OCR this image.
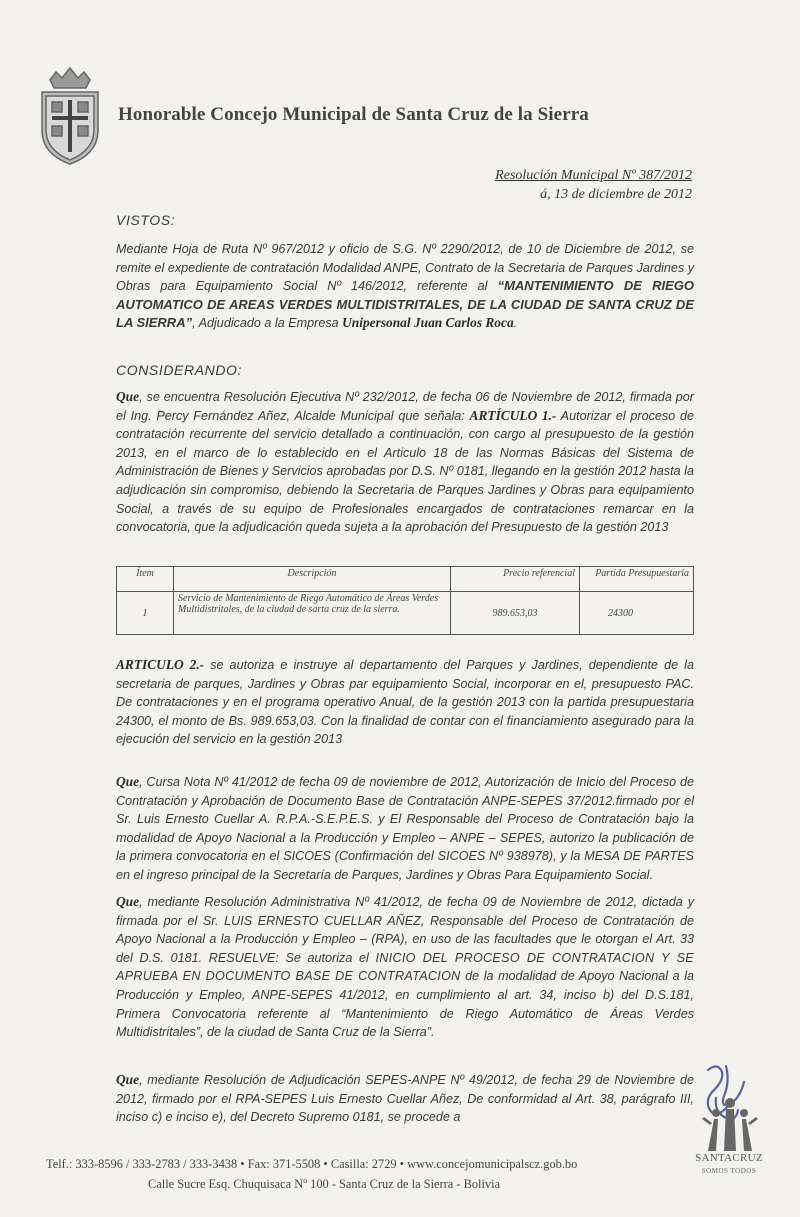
Honorable Concejo Municipal de Santa Cruz de la Sierra
Resolución Municipal Nº 387/2012
á, 13 de diciembre de 2012
VISTOS:
Mediante Hoja de Ruta Nº 967/2012 y oficio de S.G. Nº 2290/2012, de 10 de Diciembre de 2012, se remite el expediente de contratación Modalidad ANPE, Contrato de la Secretaria de Parques Jardines y Obras para Equipamiento Social Nº 146/2012, referente al “MANTENIMIENTO DE RIEGO AUTOMATICO DE AREAS VERDES MULTIDISTRITALES, DE LA CIUDAD DE SANTA CRUZ DE LA SIERRA”, Adjudicado a la Empresa Unipersonal Juan Carlos Roca.
CONSIDERANDO:
Que, se encuentra Resolución Ejecutiva Nº 232/2012, de fecha 06 de Noviembre de 2012, firmada por el Ing. Percy Fernández Añez, Alcalde Municipal que señala: ARTÍCULO 1.- Autorizar el proceso de contratación recurrente del servicio detallado a continuación, con cargo al presupuesto de la gestión 2013, en el marco de lo establecido en el Articulo 18 de las Normas Básicas del Sistema de Administración de Bienes y Servicios aprobadas por D.S. Nº 0181, llegando en la gestión 2012 hasta la adjudicación sin compromiso, debiendo la Secretaria de Parques Jardines y Obras para equipamiento Social, a través de su equipo de Profesionales encargados de contrataciones remarcar en la convocatoria, que la adjudicación queda sujeta a la aprobación del Presupuesto de la gestión 2013
Ítem	Descripción	Precio referencial	Partida Presupuestaria
1	Servicio de Mantenimiento de Riego Automático de Áreas Verdes Multidistritales, de la ciudad de sarta cruz de la sierra.	989.653,03	24300
ARTICULO 2.- se autoriza e instruye al departamento del Parques y Jardines, dependiente de la secretaria de parques, Jardines y Obras par equipamiento Social, incorporar en el, presupuesto PAC. De contrataciones y en el programa operativo Anual, de la gestión 2013 con la partida presupuestaria 24300, el monto de Bs. 989.653,03. Con la finalidad de contar con el financiamiento asegurado para la ejecución del servicio en la gestión 2013
Que, Cursa Nota Nº 41/2012 de fecha 09 de noviembre de 2012, Autorización de Inicio del Proceso de Contratación y Aprobación de Documento Base de Contratación ANPE-SEPES 37/2012.firmado por el Sr. Luis Ernesto Cuellar A. R.P.A.-S.E.P.E.S. y El Responsable del Proceso de Contratación bajo la modalidad de Apoyo Nacional a la Producción y Empleo – ANPE – SEPES, autorizo la publicación de la primera convocatoria en el SICOES (Confirmación del SICOES Nº 938978), y la MESA DE PARTES en el ingreso principal de la Secretaría de Parques, Jardines y Obras Para Equipamiento Social.
Que, mediante Resolución Administrativa Nº 41/2012, de fecha 09 de Noviembre de 2012, dictada y firmada por el Sr. LUIS ERNESTO CUELLAR AÑEZ, Responsable del Proceso de Contratación de Apoyo Nacional a la Producción y Empleo – (RPA), en uso de las facultades que le otorgan el Art. 33 del D.S. 0181. RESUELVE: Se autoriza el INICIO DEL PROCESO DE CONTRATACION Y SE APRUEBA EN DOCUMENTO BASE DE CONTRATACION de la modalidad de Apoyo Nacional a la Producción y Empleo, ANPE-SEPES 41/2012, en cumplimiento al art. 34, inciso b) del D.S.181, Primera Convocatoria referente al “Mantenimiento de Riego Automático de Áreas Verdes Multidistritales”, de la ciudad de Santa Cruz de la Sierra”.
Que, mediante Resolución de Adjudicación SEPES-ANPE Nº 49/2012, de fecha 29 de Noviembre de 2012, firmado por el RPA-SEPES Luis Ernesto Cuellar Añez, De conformidad al Art. 38, parágrafo III, inciso c) e inciso e), del Decreto Supremo 0181, se procede a
SANTACRUZ
SOMOS TODOS
Telf.: 333-8596 / 333-2783 / 333-3438 • Fax: 371-5508 • Casilla: 2729 • www.concejomunicipalscz.gob.bo
Calle Sucre Esq. Chuquisaca Nº 100 - Santa Cruz de la Sierra - Bolivia
